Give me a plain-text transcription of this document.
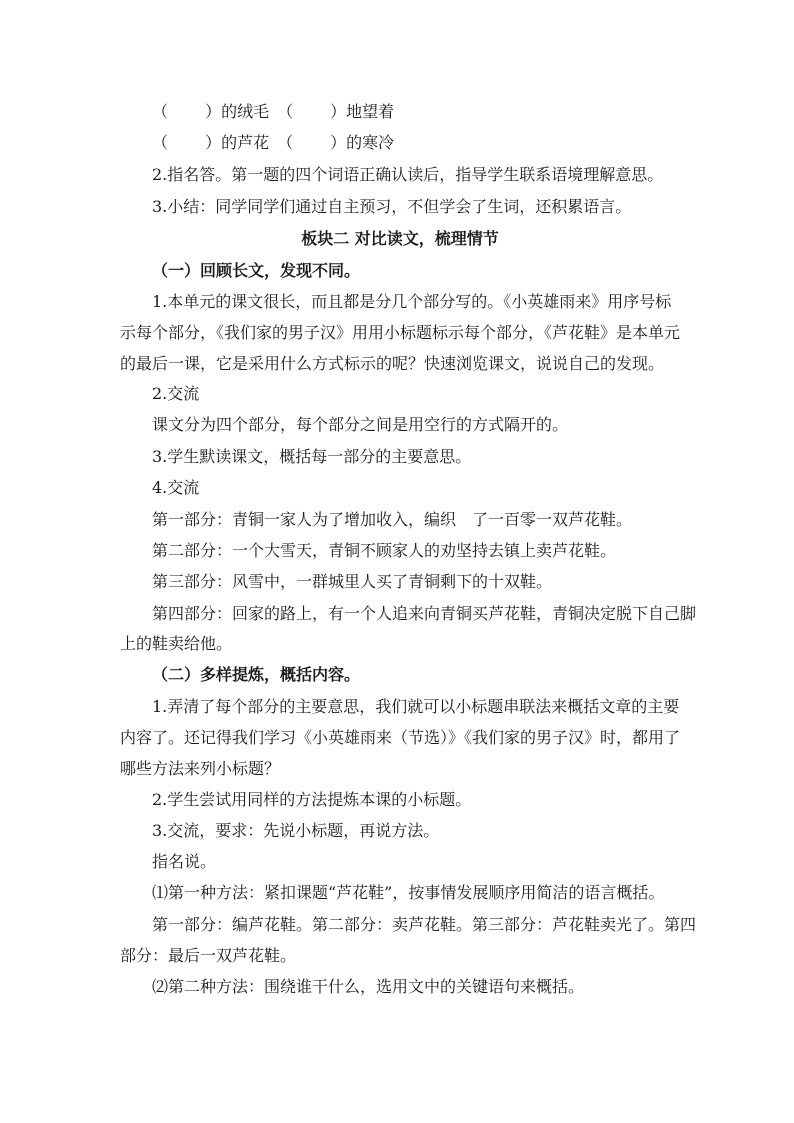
（　　 ）的绒毛　（　　 ）地望着
（　　 ）的芦花　（　　 ）的寒冷
2.指名答。第一题的四个词语正确认读后，指导学生联系语境理解意思。
3.小结：同学同学们通过自主预习，不但学会了生词，还积累语言。
板块二 对比读文，梳理情节
（一）回顾长文，发现不同。
1.本单元的课文很长，而且都是分几个部分写的。《小英雄雨来》用序号标
示每个部分，《我们家的男子汉》用用小标题标示每个部分，《芦花鞋》是本单元
的最后一课，它是采用什么方式标示的呢？快速浏览课文，说说自己的发现。
2.交流
课文分为四个部分，每个部分之间是用空行的方式隔开的。
3.学生默读课文，概括每一部分的主要意思。
4.交流
第一部分：青铜一家人为了增加收入，编织　了一百零一双芦花鞋。
第二部分：一个大雪天，青铜不顾家人的劝坚持去镇上卖芦花鞋。
第三部分：风雪中，一群城里人买了青铜剩下的十双鞋。
第四部分：回家的路上，有一个人追来向青铜买芦花鞋，青铜决定脱下自己脚
上的鞋卖给他。
（二）多样提炼，概括内容。
1.弄清了每个部分的主要意思，我们就可以小标题串联法来概括文章的主要
内容了。还记得我们学习《小英雄雨来（节选）》《我们家的男子汉》时，都用了
哪些方法来列小标题？
2.学生尝试用同样的方法提炼本课的小标题。
3.交流，要求：先说小标题，再说方法。
指名说。
⑴第一种方法：紧扣课题“芦花鞋”，按事情发展顺序用简洁的语言概括。
第一部分：编芦花鞋。第二部分：卖芦花鞋。第三部分：芦花鞋卖光了。第四
部分：最后一双芦花鞋。
⑵第二种方法：围绕谁干什么，选用文中的关键语句来概括。
